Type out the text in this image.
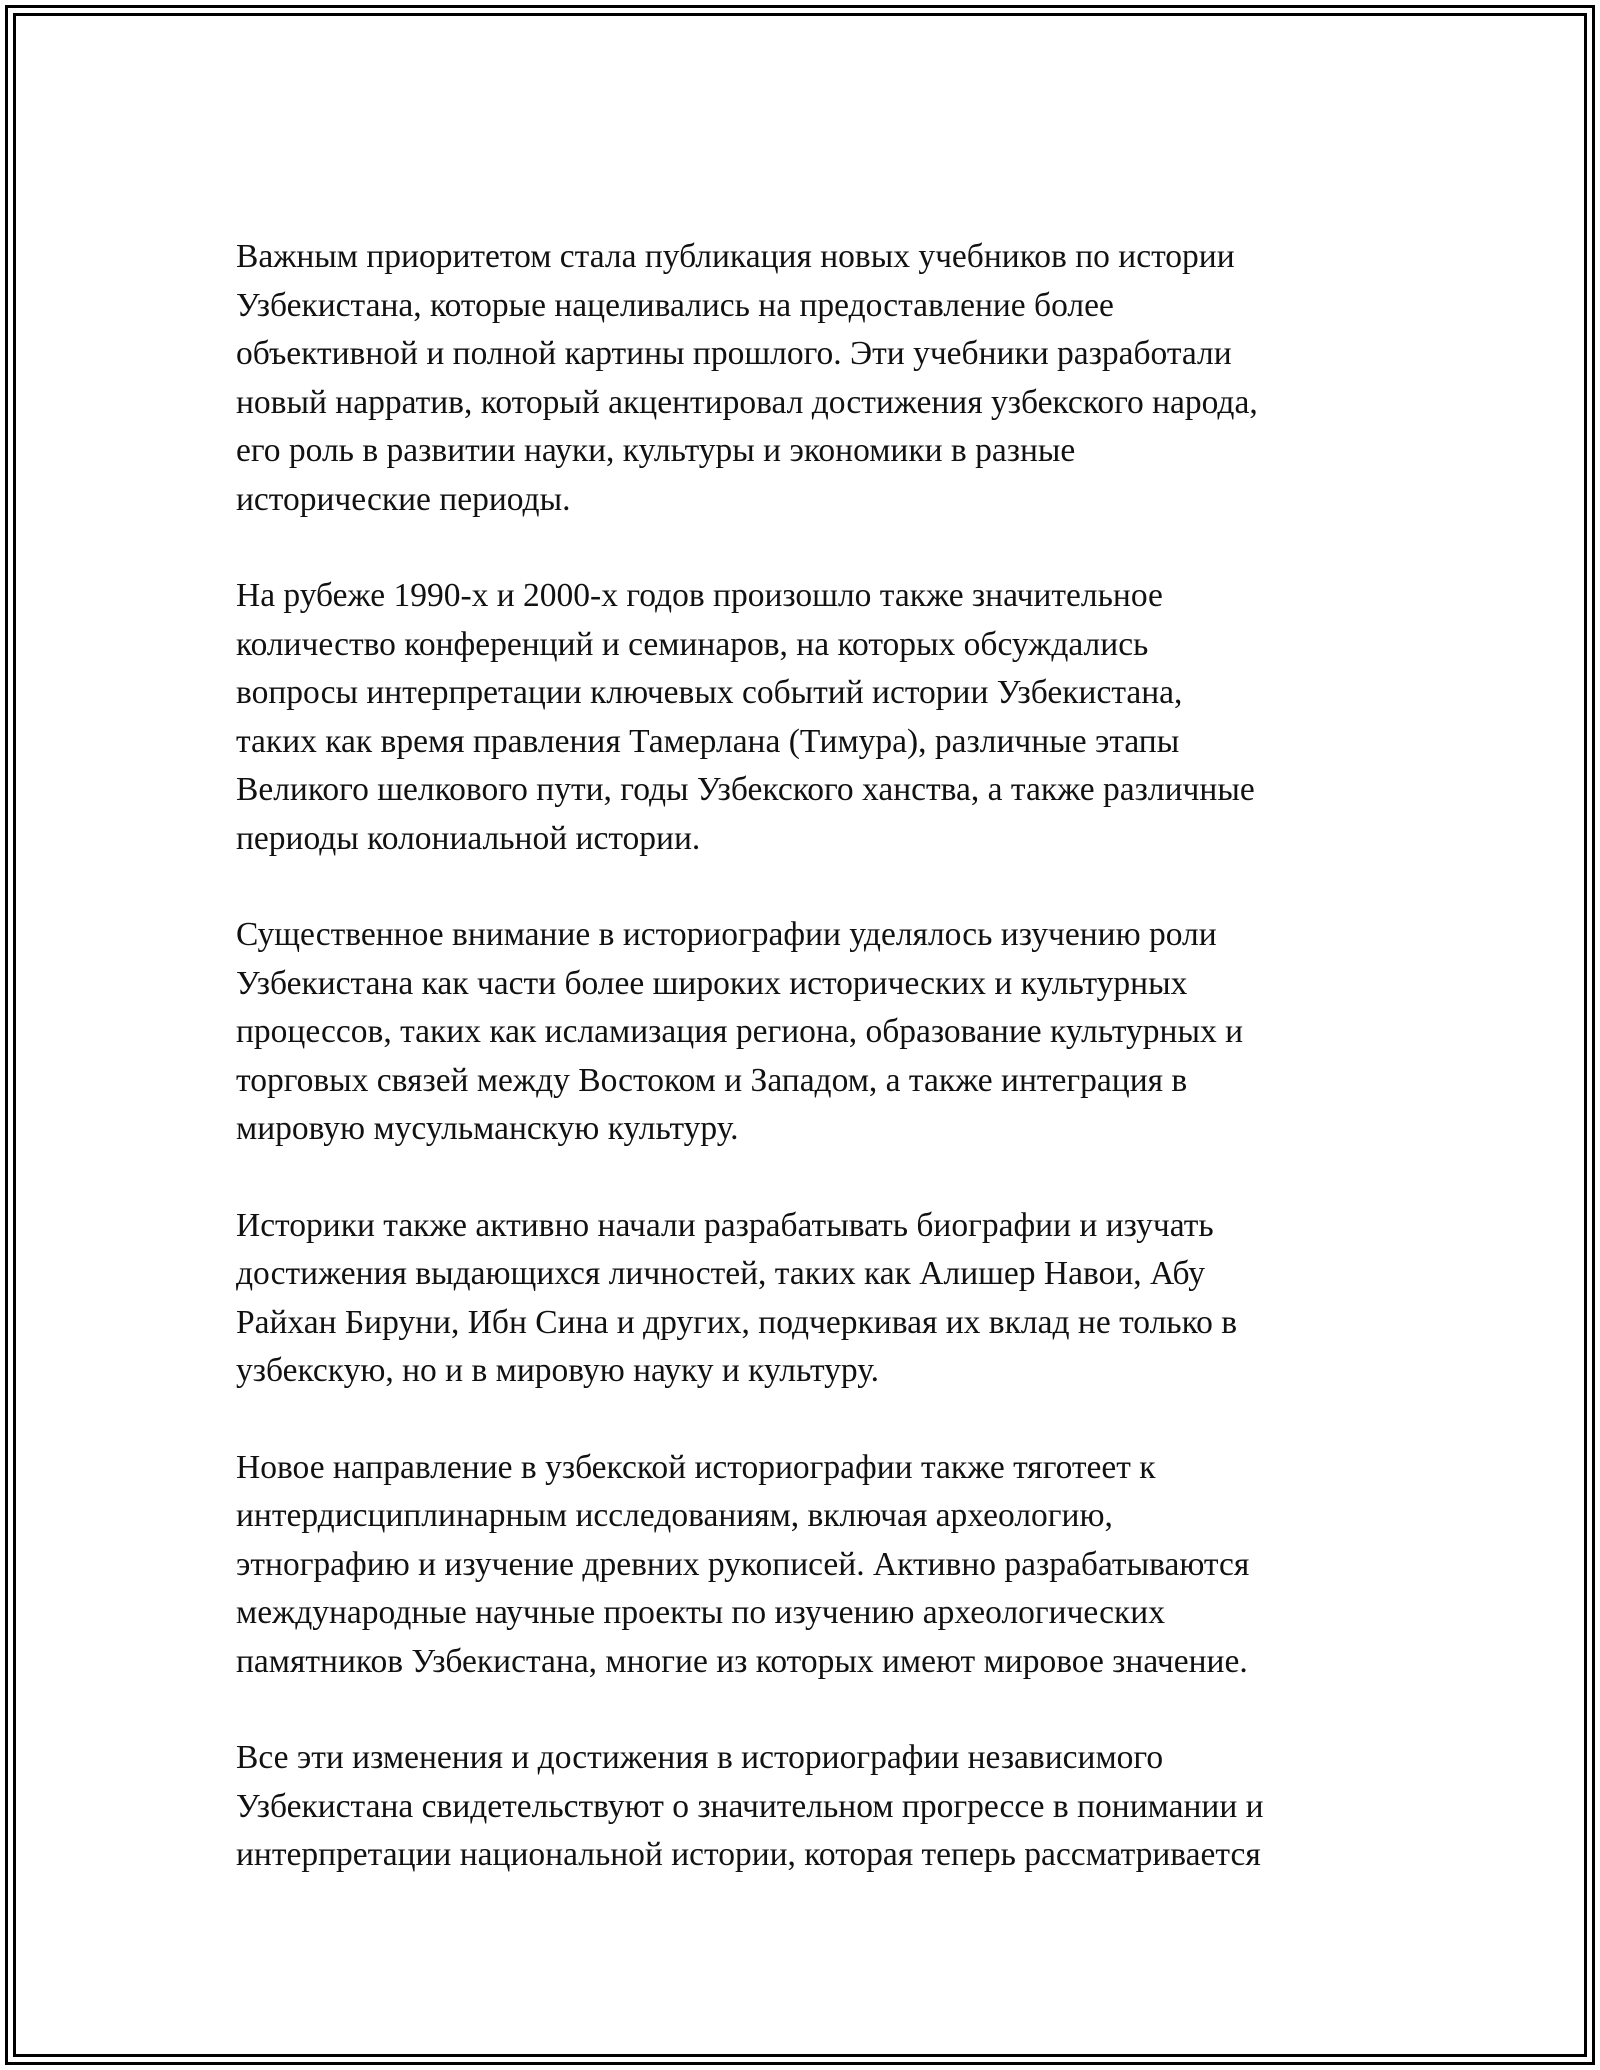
Важным приоритетом стала публикация новых учебников по истории
Узбекистана, которые нацеливались на предоставление более
объективной и полной картины прошлого. Эти учебники разработали
новый нарратив, который акцентировал достижения узбекского народа,
его роль в развитии науки, культуры и экономики в разные
исторические периоды.

На рубеже 1990-х и 2000-х годов произошло также значительное
количество конференций и семинаров, на которых обсуждались
вопросы интерпретации ключевых событий истории Узбекистана,
таких как время правления Тамерлана (Тимура), различные этапы
Великого шелкового пути, годы Узбекского ханства, а также различные
периоды колониальной истории.

Существенное внимание в историографии уделялось изучению роли
Узбекистана как части более широких исторических и культурных
процессов, таких как исламизация региона, образование культурных и
торговых связей между Востоком и Западом, а также интеграция в
мировую мусульманскую культуру.

Историки также активно начали разрабатывать биографии и изучать
достижения выдающихся личностей, таких как Алишер Навои, Абу
Райхан Бируни, Ибн Сина и других, подчеркивая их вклад не только в
узбекскую, но и в мировую науку и культуру.

Новое направление в узбекской историографии также тяготеет к
интердисциплинарным исследованиям, включая археологию,
этнографию и изучение древних рукописей. Активно разрабатываются
международные научные проекты по изучению археологических
памятников Узбекистана, многие из которых имеют мировое значение.

Все эти изменения и достижения в историографии независимого
Узбекистана свидетельствуют о значительном прогрессе в понимании и
интерпретации национальной истории, которая теперь рассматривается
